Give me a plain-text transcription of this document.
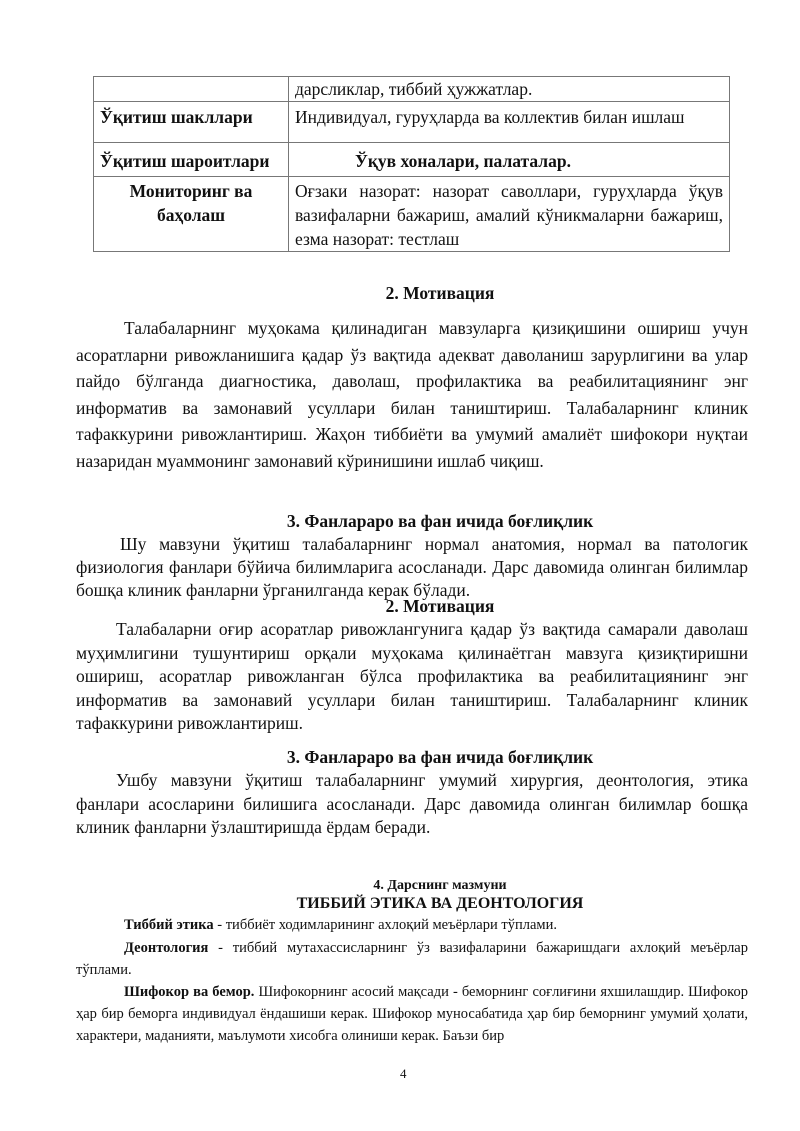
	дарсликлар, тиббий ҳужжатлар.
Ўқитиш шакллари	Индивидуал, гуруҳларда ва коллектив билан ишлаш
Ўқитиш шароитлари	Ўқув хоналари, палаталар.
Мониторинг ва баҳолаш	Оғзаки назорат: назорат саволлари, гуруҳларда ўқув вазифаларни бажариш, амалий кўникмаларни бажариш, езма назорат: тестлаш
2. Мотивация
Талабаларнинг муҳокама қилинадиган мавзуларга қизиқишини ошириш учун асоратларни ривожланишига қадар ўз вақтида адекват даволаниш зарурлигини ва улар пайдо бўлганда диагностика, даволаш, профилактика ва реабилитациянинг энг информатив ва замонавий усуллари билан таништириш. Талабаларнинг клиник тафаккурини ривожлантириш. Жаҳон тиббиёти ва умумий амалиёт шифокори нуқтаи назаридан муаммонинг замонавий кўринишини ишлаб чиқиш.
3. Фанлараро ва фан ичида боғлиқлик
Шу мавзуни ўқитиш талабаларнинг нормал анатомия, нормал ва патологик физиология фанлари бўйича билимларига асосланади. Дарс давомида олинган билимлар бошқа клиник фанларни ўрганилганда керак бўлади.
2. Мотивация
Талабаларни оғир асоратлар ривожлангунига қадар ўз вақтида самарали даволаш муҳимлигини тушунтириш орқали муҳокама қилинаётган мавзуга қизиқтиришни ошириш, асоратлар ривожланган бўлса профилактика ва реабилитациянинг энг информатив ва замонавий усуллари билан таништириш. Талабаларнинг клиник тафаккурини ривожлантириш.
3. Фанлараро ва фан ичида боғлиқлик
Ушбу мавзуни ўқитиш талабаларнинг умумий хирургия, деонтология, этика фанлари асосларини билишига асосланади. Дарс давомида олинган билимлар бошқа клиник фанларни ўзлаштиришда ёрдам беради.
4. Дарснинг мазмуни
ТИББИЙ ЭТИКА ВА ДЕОНТОЛОГИЯ
Тиббий этика - тиббиёт ходимларининг ахлоқий меъёрлари тўплами.
Деонтология - тиббий мутахассисларнинг ўз вазифаларини бажаришдаги ахлоқий меъёрлар тўплами.
Шифокор ва бемор. Шифокорнинг асосий мақсади - беморнинг соғлиғини яхшилашдир. Шифокор ҳар бир беморга индивидуал ёндашиши керак. Шифокор муносабатида ҳар бир беморнинг умумий ҳолати, характери, маданияти, маълумоти хисобга олиниши керак. Баъзи бир
4
